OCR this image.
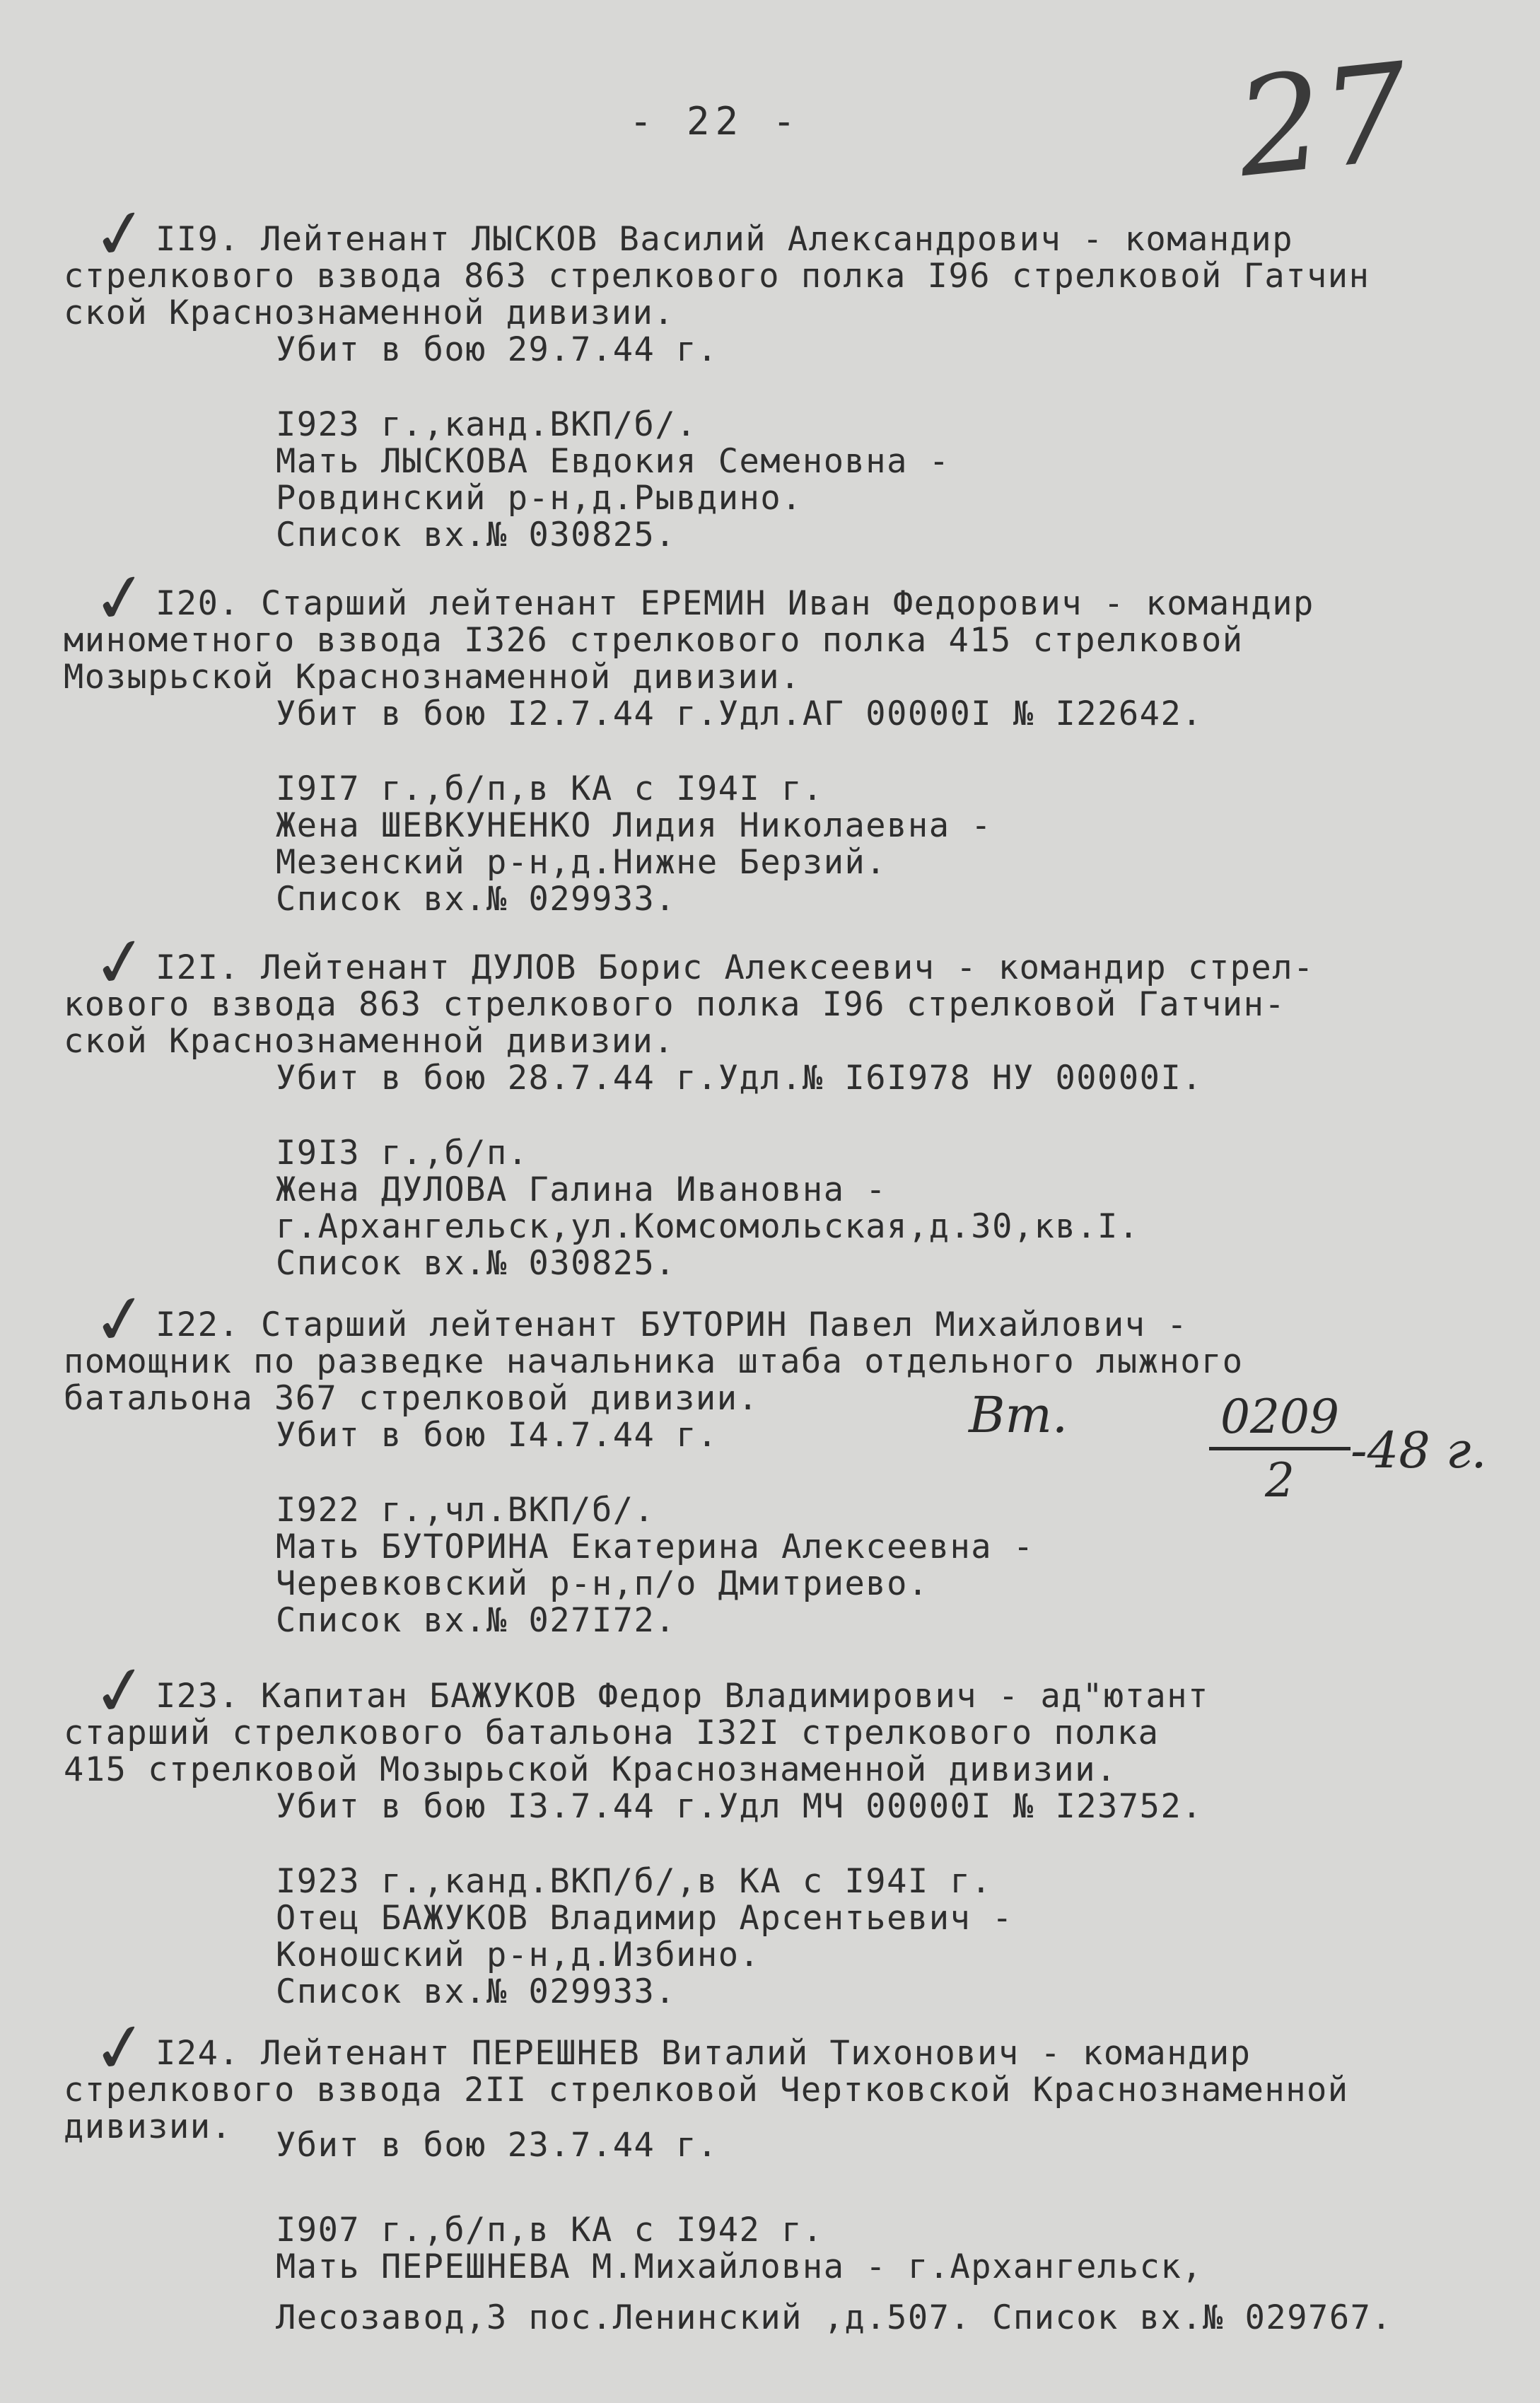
- 22 -	27
✓ II9. Лейтенант ЛЫСКОВ Василий Александрович - командир
стрелкового взвода 863 стрелкового полка I96 стрелковой Гатчин
ской Краснознаменной дивизии.
Убит в бою 29.7.44 г.
I923 г.,канд.ВКП/б/.
Мать ЛЫСКОВА Евдокия Семеновна -
Ровдинский р-н,д.Рывдино.
Список вх.№ 030825.
✓ I20. Старший лейтенант ЕРЕМИН Иван Федорович - командир
минометного взвода I326 стрелкового полка 415 стрелковой
Мозырьской Краснознаменной дивизии.
Убит в бою I2.7.44 г.Удл.АГ 00000I № I22642.
I9I7 г.,б/п,в КА с I94I г.
Жена ШЕВКУНЕНКО Лидия Николаевна -
Мезенский р-н,д.Нижне Берзий.
Список вх.№ 029933.
✓ I2I. Лейтенант ДУЛОВ Борис Алексеевич - командир стрел-
кового взвода 863 стрелкового полка I96 стрелковой Гатчин-
ской Краснознаменной дивизии.
Убит в бою 28.7.44 г.Удл.№ I6I978 НУ 00000I.
I9I3 г.,б/п.
Жена ДУЛОВА Галина Ивановна -
г.Архангельск,ул.Комсомольская,д.30,кв.I.
Список вх.№ 030825.
✓ I22. Старший лейтенант БУТОРИН Павел Михайлович -
помощник по разведке начальника штаба отдельного лыжного
батальона 367 стрелковой дивизии.
Убит в бою I4.7.44 г.
I922 г.,чл.ВКП/б/.
Мать БУТОРИНА Екатерина Алексеевна -
Черевковский р-н,п/о Дмитриево.
Список вх.№ 027I72.
Вт.	$\frac{0209}{2} -48$ г.
✓ I23. Капитан БАЖУКОВ Федор Владимирович - ад"ютант
старший стрелкового батальона I32I стрелкового полка
415 стрелковой Мозырьской Краснознаменной дивизии.
Убит в бою I3.7.44 г.Удл МЧ 00000I № I23752.
I923 г.,канд.ВКП/б/,в КА с I94I г.
Отец БАЖУКОВ Владимир Арсентьевич -
Коношский р-н,д.Избино.
Список вх.№ 029933.
✓ I24. Лейтенант ПЕРЕШНЕВ Виталий Тихонович - командир
стрелкового взвода 2II стрелковой Чертковской Краснознаменной
дивизии. Убит в бою 23.7.44 г.
I907 г.,б/п,в КА с I942 г.
Мать ПЕРЕШНЕВА М.Михайловна - г.Архангельск,
Лесозавод,3 пос.Ленинский ,д.507. Список вх.№ 029767.
